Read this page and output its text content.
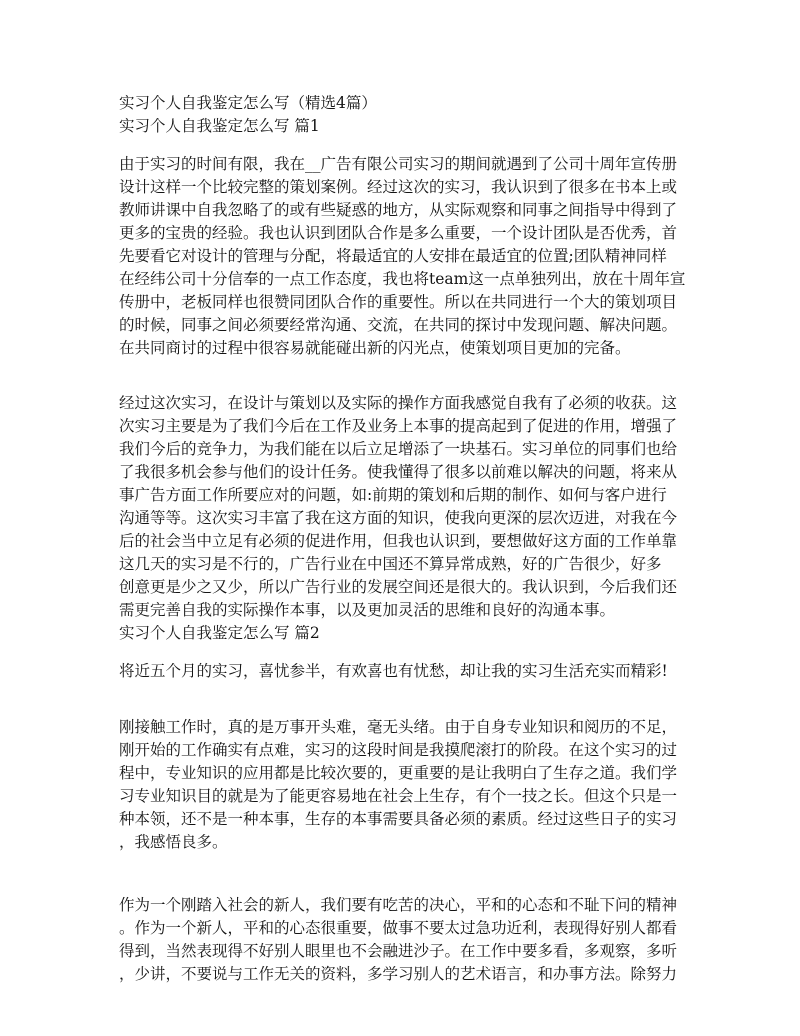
实习个人自我鉴定怎么写（精选4篇）

实习个人自我鉴定怎么写 篇1

由于实习的时间有限，我在__广告有限公司实习的期间就遇到了公司十周年宣传册

设计这样一个比较完整的策划案例。经过这次的实习，我认识到了很多在书本上或

教师讲课中自我忽略了的或有些疑惑的地方，从实际观察和同事之间指导中得到了

更多的宝贵的经验。我也认识到团队合作是多么重要，一个设计团队是否优秀，首

先要看它对设计的管理与分配，将最适宜的人安排在最适宜的位置;团队精神同样

在经纬公司十分信奉的一点工作态度，我也将team这一点单独列出，放在十周年宣

传册中，老板同样也很赞同团队合作的重要性。所以在共同进行一个大的策划项目

的时候，同事之间必须要经常沟通、交流，在共同的探讨中发现问题、解决问题。

在共同商讨的过程中很容易就能碰出新的闪光点，使策划项目更加的完备。

经过这次实习，在设计与策划以及实际的操作方面我感觉自我有了必须的收获。这

次实习主要是为了我们今后在工作及业务上本事的提高起到了促进的作用，增强了

我们今后的竞争力，为我们能在以后立足增添了一块基石。实习单位的同事们也给

了我很多机会参与他们的设计任务。使我懂得了很多以前难以解决的问题，将来从

事广告方面工作所要应对的问题，如:前期的策划和后期的制作、如何与客户进行

沟通等等。这次实习丰富了我在这方面的知识，使我向更深的层次迈进，对我在今

后的社会当中立足有必须的促进作用，但我也认识到，要想做好这方面的工作单靠

这几天的实习是不行的，广告行业在中国还不算异常成熟，好的广告很少，好多

创意更是少之又少，所以广告行业的发展空间还是很大的。我认识到，今后我们还

需更完善自我的实际操作本事，以及更加灵活的思维和良好的沟通本事。

实习个人自我鉴定怎么写 篇2

将近五个月的实习，喜忧参半，有欢喜也有忧愁，却让我的实习生活充实而精彩!

刚接触工作时，真的是万事开头难，毫无头绪。由于自身专业知识和阅历的不足，

刚开始的工作确实有点难，实习的这段时间是我摸爬滚打的阶段。在这个实习的过

程中，专业知识的应用都是比较次要的，更重要的是让我明白了生存之道。我们学

习专业知识目的就是为了能更容易地在社会上生存，有个一技之长。但这个只是一

种本领，还不是一种本事，生存的本事需要具备必须的素质。经过这些日子的实习

，我感悟良多。

作为一个刚踏入社会的新人，我们要有吃苦的决心，平和的心态和不耻下问的精神

。作为一个新人，平和的心态很重要，做事不要太过急功近利，表现得好别人都看

得到，当然表现得不好别人眼里也不会融进沙子。在工作中要多看，多观察，多听

，少讲，不要说与工作无关的资料，多学习别人的艺术语言，和办事方法。除努力
